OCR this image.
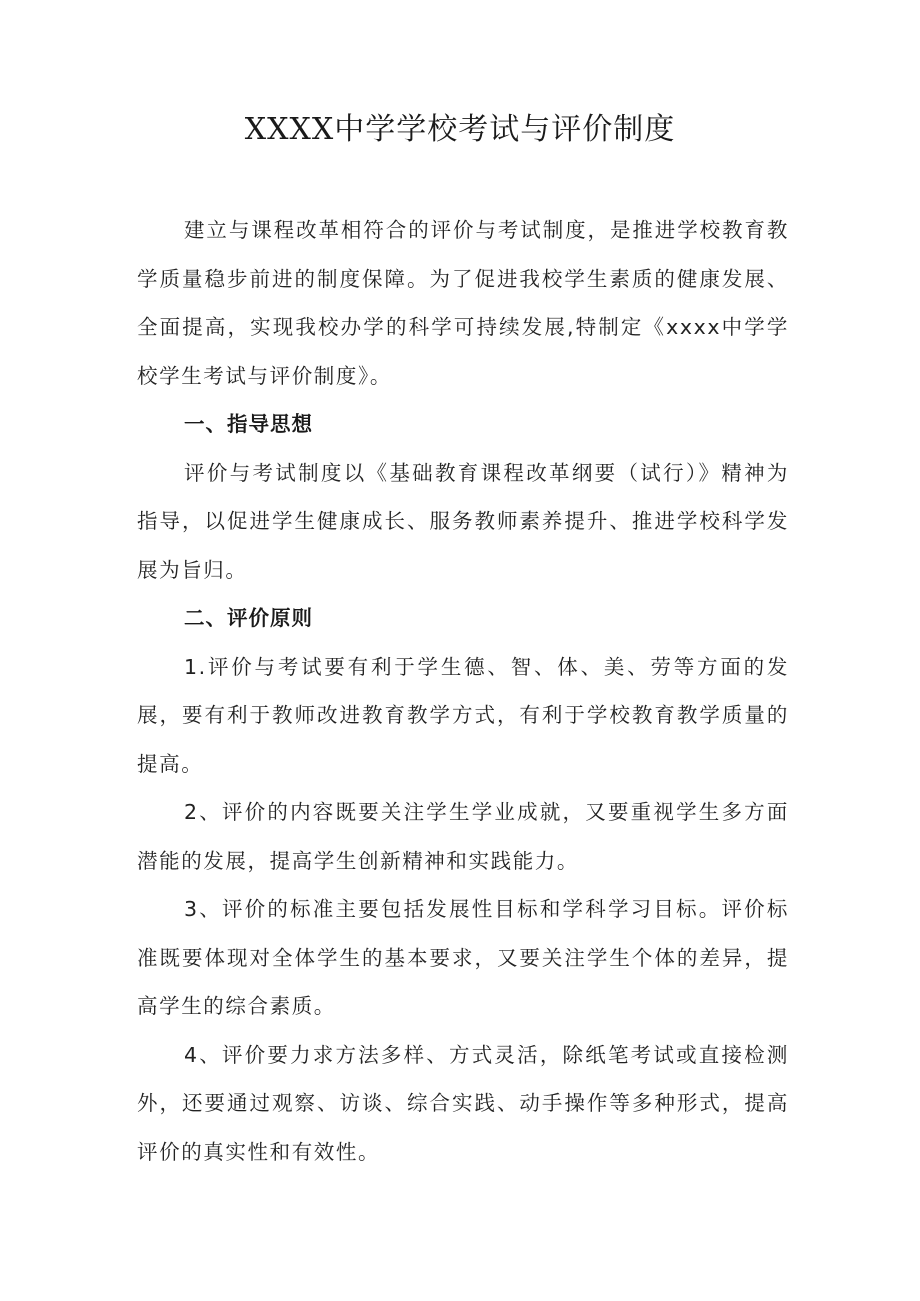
XXXX中学学校考试与评价制度

建立与课程改革相符合的评价与考试制度，是推进学校教育教学质量稳步前进的制度保障。为了促进我校学生素质的健康发展、全面提高，实现我校办学的科学可持续发展,特制定《xxxx中学学校学生考试与评价制度》。

一、指导思想

评价与考试制度以《基础教育课程改革纲要（试行）》精神为指导，以促进学生健康成长、服务教师素养提升、推进学校科学发展为旨归。

二、评价原则

1.评价与考试要有利于学生德、智、体、美、劳等方面的发展，要有利于教师改进教育教学方式，有利于学校教育教学质量的提高。

2、评价的内容既要关注学生学业成就，又要重视学生多方面潜能的发展，提高学生创新精神和实践能力。

3、评价的标准主要包括发展性目标和学科学习目标。评价标准既要体现对全体学生的基本要求，又要关注学生个体的差异，提高学生的综合素质。

4、评价要力求方法多样、方式灵活，除纸笔考试或直接检测外，还要通过观察、访谈、综合实践、动手操作等多种形式，提高评价的真实性和有效性。
